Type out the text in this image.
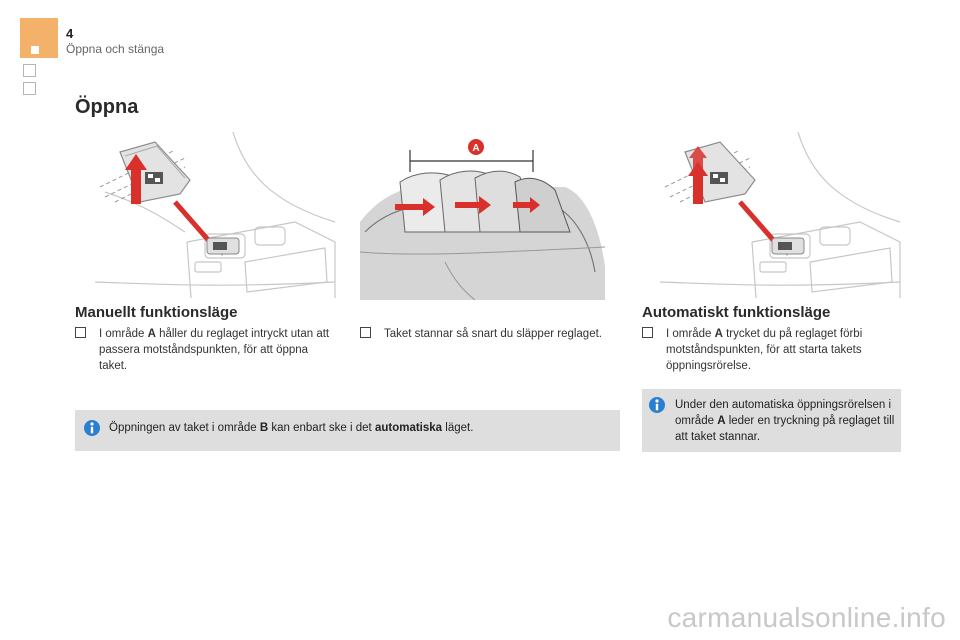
4
Öppna och stänga
Öppna
A
Manuellt funktionsläge
I område A håller du reglaget intryckt utan att passera motståndspunkten, för att öppna taket.
Taket stannar så snart du släpper reglaget.
Automatiskt funktionsläge
I område A trycket du på reglaget förbi motståndspunkten, för att starta takets öppningsrörelse.
Under den automatiska öppningsrörelsen i område A leder en tryckning på reglaget till att taket stannar.
Öppningen av taket i område B kan enbart ske i det automatiska läget.
carmanualsonline.info
